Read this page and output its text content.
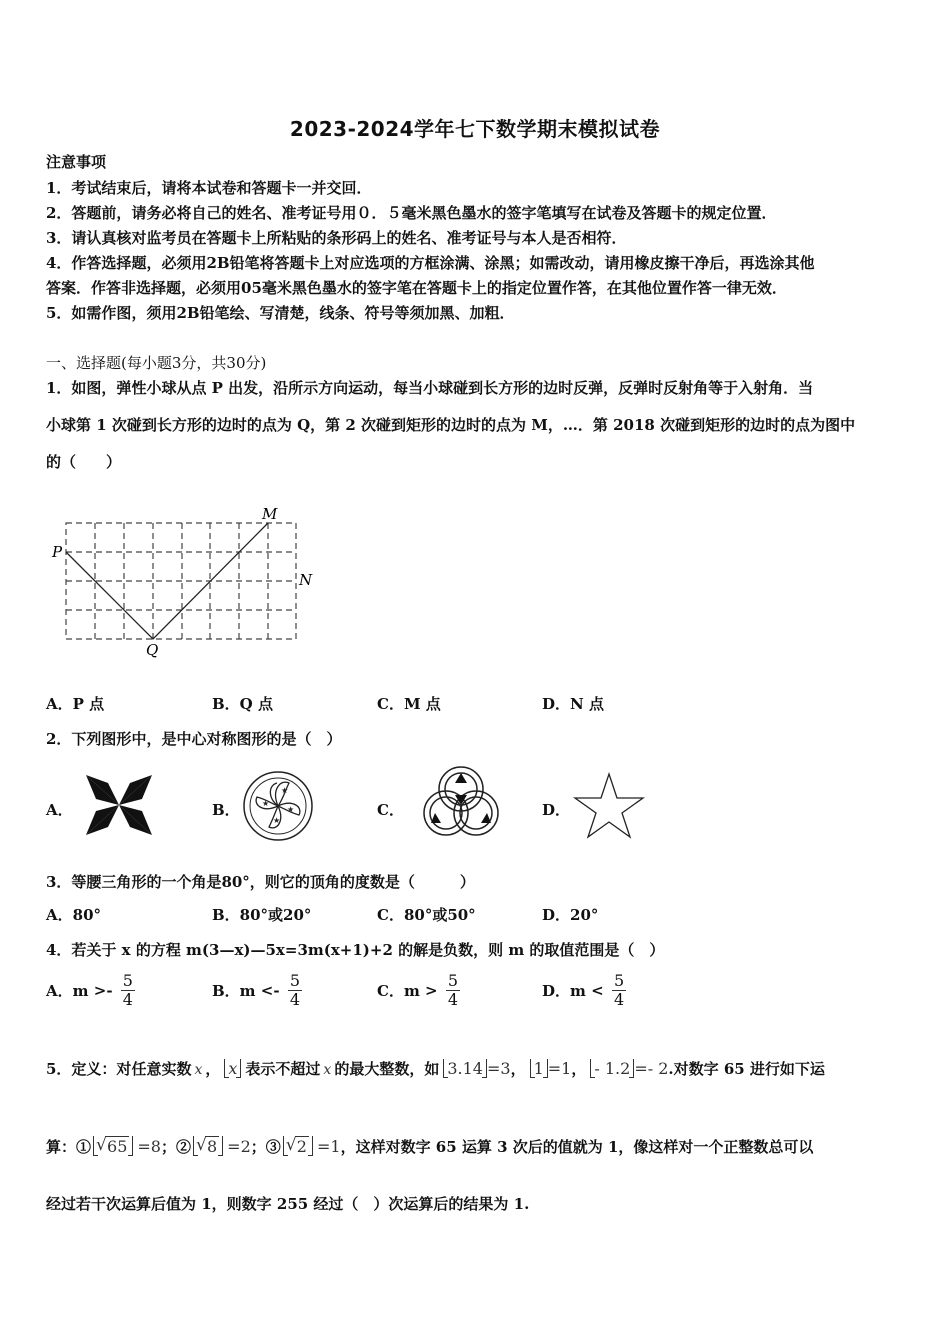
2023-2024学年七下数学期末模拟试卷
注意事项
1．考试结束后，请将本试卷和答题卡一并交回．
2．答题前，请务必将自己的姓名、准考证号用０．５毫米黑色墨水的签字笔填写在试卷及答题卡的规定位置．
3．请认真核对监考员在答题卡上所粘贴的条形码上的姓名、准考证号与本人是否相符．
4．作答选择题，必须用2B铅笔将答题卡上对应选项的方框涂满、涂黑；如需改动，请用橡皮擦干净后，再选涂其他
答案．作答非选择题，必须用05毫米黑色墨水的签字笔在答题卡上的指定位置作答，在其他位置作答一律无效．
5．如需作图，须用2B铅笔绘、写清楚，线条、符号等须加黑、加粗．
一、选择题(每小题3分，共30分)
1．如图，弹性小球从点 P 出发，沿所示方向运动，每当小球碰到长方形的边时反弹，反弹时反射角等于入射角．当
小球第 1 次碰到长方形的边时的点为 Q，第 2 次碰到矩形的边时的点为 M，…．第 2018 次碰到矩形的边时的点为图中
的（　　）
P
Q
M
N
A．P 点	B．Q 点	C．M 点	D．N 点
2．下列图形中，是中心对称图形的是（　）
A．	B．
★
★
★
★	C．	D．
3．等腰三角形的一个角是80°，则它的顶角的度数是（　　　）
A．80°	B．80°或20°	C．80°或50°	D．20°
4．若关于 x 的方程 m(3—x)—5x=3m(x+1)+2 的解是负数，则 m 的取值范围是（　）
A．$m >- \frac{5}{4}$	B．$m <- \frac{5}{4}$	C．$m > \frac{5}{4}$	D．$m < \frac{5}{4}$
5．定义：对任意实数 x ， x 表示不超过 x 的最大整数，如 3.14 =3， 1 =1， - 1.2 =- 2.对数字 65 进行如下运
算：① √ 65 =8；② √ 8 =2；③ √ 2 =1，这样对数字 65 运算 3 次后的值就为 1，像这样对一个正整数总可以
经过若干次运算后值为 1，则数字 255 经过（　）次运算后的结果为 1.
